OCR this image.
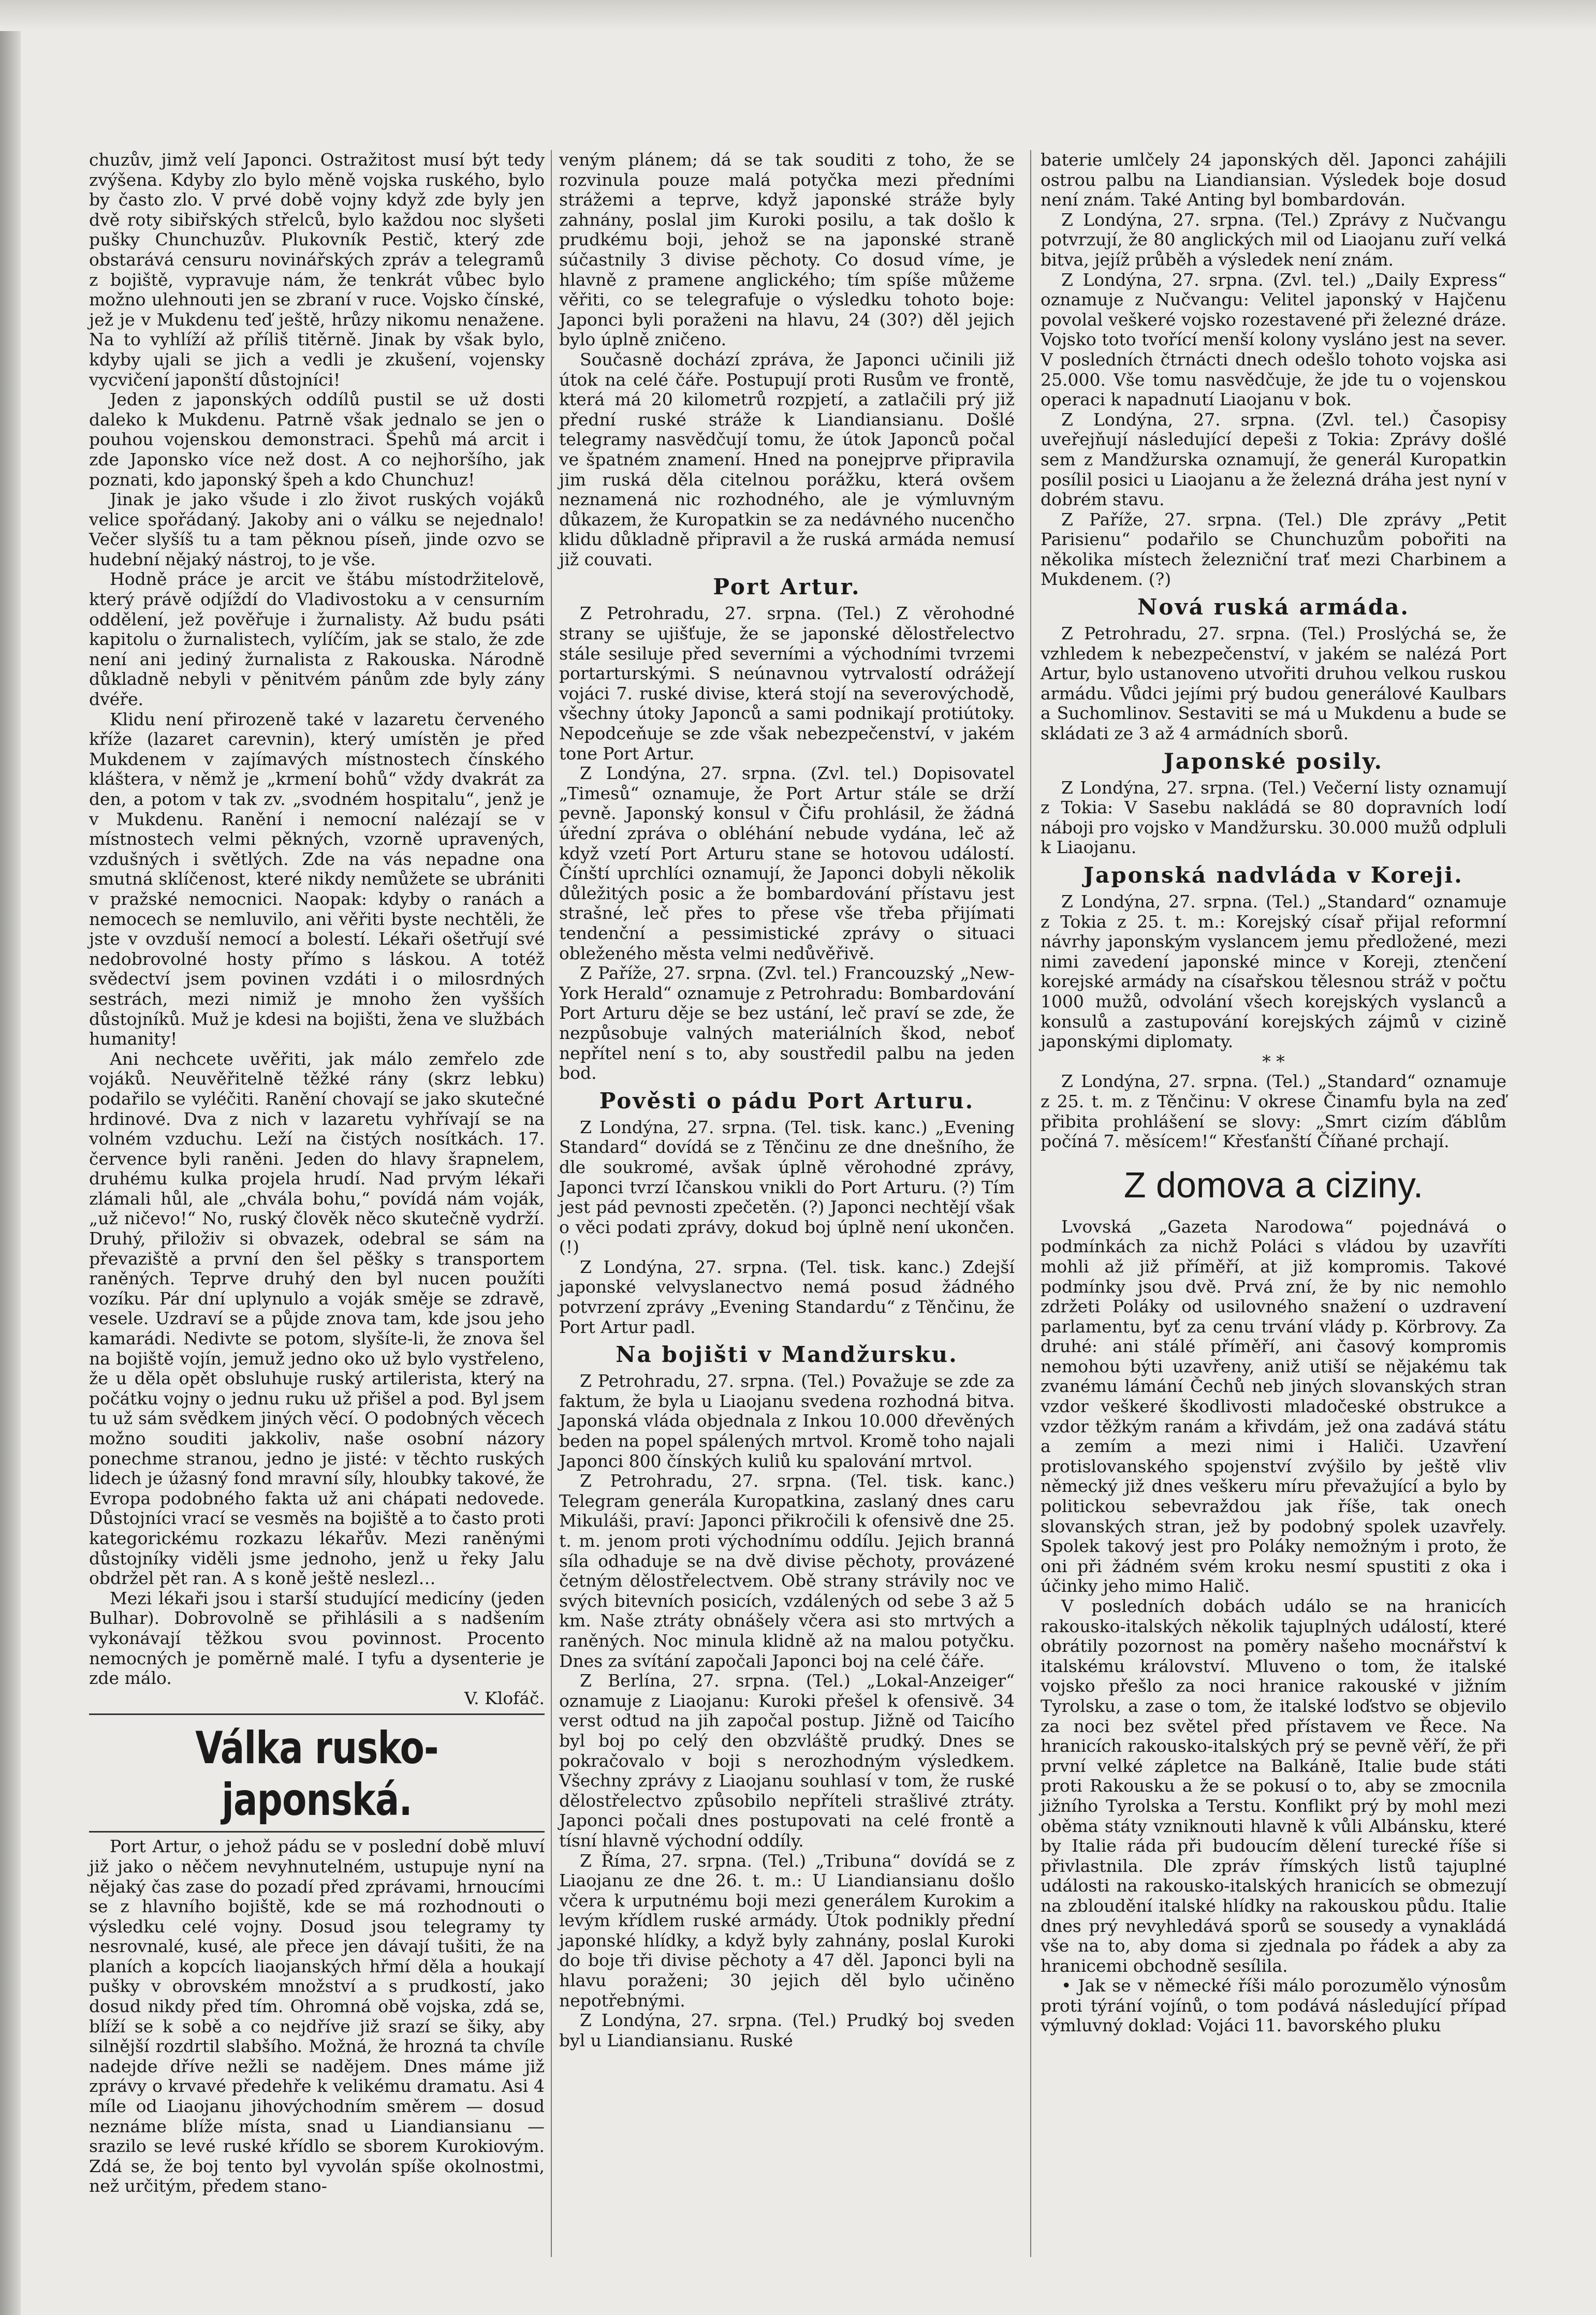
chuzův, jimž velí Japonci. Ostražitost musí být tedy zvýšena. Kdyby zlo bylo měně vojska ruského, bylo by často zlo. V prvé době vojny když zde byly jen dvě roty sibiřských střelců, bylo každou noc slyšeti pušky Chunchuzův. Plukovník Pestič, který zde obstarává censuru novinářských zpráv a telegramů z bojiště, vypravuje nám, že tenkrát vůbec bylo možno ulehnouti jen se zbraní v ruce. Vojsko čínské, jež je v Mukdenu teď ještě, hrůzy nikomu nenažene. Na to vyhlíží až příliš titěrně. Jinak by však bylo, kdyby ujali se jich a vedli je zkušení, vojensky vycvičení japonští důstojníci!

Jeden z japonských oddílů pustil se už dosti daleko k Mukdenu. Patrně však jednalo se jen o pouhou vojenskou demonstraci. Špehů má arcit i zde Japonsko více než dost. A co nejhoršího, jak poznati, kdo japonský špeh a kdo Chunchuz!

Jinak je jako všude i zlo život ruských vojáků velice spořádaný. Jakoby ani o válku se nejednalo! Večer slyšíš tu a tam pěknou píseň, jinde ozvo se hudební nějaký nástroj, to je vše.

Hodně práce je arcit ve štábu místodržitelově, který právě odjíždí do Vladivostoku a v censurním oddělení, jež pověřuje i žurnalisty. Až budu psáti kapitolu o žurnalistech, vylíčím, jak se stalo, že zde není ani jediný žurnalista z Rakouska. Národně důkladně nebyli v pěnitvém pánům zde byly zány dvéře.

Klidu není přirozeně také v lazaretu červeného kříže (lazaret carevnin), který umístěn je před Mukdenem v zajímavých místnostech čínského kláštera, v němž je „krmení bohů“ vždy dvakrát za den, a potom v tak zv. „svodném hospitalu“, jenž je v Mukdenu. Ranění i nemocní nalézají se v místnostech velmi pěkných, vzorně upravených, vzdušných i světlých. Zde na vás nepadne ona smutná sklíčenost, které nikdy nemůžete se ubrániti v pražské nemocnici. Naopak: kdyby o ranách a nemocech se nemluvilo, ani věřiti byste nechtěli, že jste v ovzduší nemocí a bolestí. Lékaři ošetřují své nedobrovolné hosty přímo s láskou. A totéž svědectví jsem povinen vzdáti i o milosrdných sestrách, mezi nimiž je mnoho žen vyšších důstojníků. Muž je kdesi na bojišti, žena ve službách humanity!

Ani nechcete uvěřiti, jak málo zemřelo zde vojáků. Neuvěřitelně těžké rány (skrz lebku) podařilo se vyléčiti. Ranění chovají se jako skutečné hrdinové. Dva z nich v lazaretu vyhřívají se na volném vzduchu. Leží na čistých nosítkách. 17. července byli raněni. Jeden do hlavy šrapnelem, druhému kulka projela hrudí. Nad prvým lékaři zlámali hůl, ale „chvála bohu,“ povídá nám voják, „už ničevo!“ No, ruský člověk něco skutečně vydrží. Druhý, přiloživ si obvazek, odebral se sám na převaziště a první den šel pěšky s transportem raněných. Teprve druhý den byl nucen použíti vozíku. Pár dní uplynulo a voják směje se zdravě, vesele. Uzdraví se a půjde znova tam, kde jsou jeho kamarádi. Nedivte se potom, slyšíte-li, že znova šel na bojiště vojín, jemuž jedno oko už bylo vystřeleno, že u děla opět obsluhuje ruský artilerista, který na počátku vojny o jednu ruku už přišel a pod. Byl jsem tu už sám svědkem jiných věcí. O podobných věcech možno souditi jakkoliv, naše osobní názory ponechme stranou, jedno je jisté: v těchto ruských lidech je úžasný fond mravní síly, hloubky takové, že Evropa podobného fakta už ani chápati nedovede. Důstojníci vrací se vesměs na bojiště a to často proti kategorickému rozkazu lékařův. Mezi raněnými důstojníky viděli jsme jednoho, jenž u řeky Jalu obdržel pět ran. A s koně ještě neslezl…

Mezi lékaři jsou i starší studující medicíny (jeden Bulhar). Dobrovolně se přihlásili a s nadšením vykonávají těžkou svou povinnost. Procento nemocných je poměrně malé. I tyfu a dysenterie je zde málo.

V. Klofáč.

Válka rusko-japonská.

Port Artur, o jehož pádu se v poslední době mluví již jako o něčem nevyhnutelném, ustupuje nyní na nějaký čas zase do pozadí před zprávami, hrnoucími se z hlavního bojiště, kde se má rozhodnouti o výsledku celé vojny. Dosud jsou telegramy ty nesrovnalé, kusé, ale přece jen dávají tušiti, že na planích a kopcích liaojanských hřmí děla a houkají pušky v obrovském množství a s prudkostí, jako dosud nikdy před tím. Ohromná obě vojska, zdá se, blíží se k sobě a co nejdříve již srazí se šiky, aby silnější rozdrtil slabšího. Možná, že hrozná ta chvíle nadejde dříve nežli se nadějem. Dnes máme již zprávy o krvavé předehře k velikému dramatu. Asi 4 míle od Liaojanu jihovýchodním směrem — dosud neznáme blíže místa, snad u Liandiansianu — srazilo se levé ruské křídlo se sborem Kurokiovým. Zdá se, že boj tento byl vyvolán spíše okolnostmi, než určitým, předem stano-

veným plánem; dá se tak souditi z toho, že se rozvinula pouze malá potyčka mezi předními strážemi a teprve, když japonské stráže byly zahnány, poslal jim Kuroki posilu, a tak došlo k prudkému boji, jehož se na japonské straně súčastnily 3 divise pěchoty. Co dosud víme, je hlavně z pramene anglického; tím spíše můžeme věřiti, co se telegrafuje o výsledku tohoto boje: Japonci byli poraženi na hlavu, 24 (30?) děl jejich bylo úplně zničeno.

Současně dochází zpráva, že Japonci učinili již útok na celé čáře. Postupují proti Rusům ve frontě, která má 20 kilometrů rozpjetí, a zatlačili prý již přední ruské stráže k Liandiansianu. Došlé telegramy nasvědčují tomu, že útok Japonců počal ve špatném znamení. Hned na ponejprve připravila jim ruská děla citelnou porážku, která ovšem neznamená nic rozhodného, ale je výmluvným důkazem, že Kuropatkin se za nedávného nucenčho klidu důkladně připravil a že ruská armáda nemusí již couvati.

Port Artur.

Z Petrohradu, 27. srpna. (Tel.) Z věrohodné strany se ujišťuje, že se japonské dělostřelectvo stále sesiluje před severními a východními tvrzemi portarturskými. S neúnavnou vytrvalostí odrážejí vojáci 7. ruské divise, která stojí na severovýchodě, všechny útoky Japonců a sami podnikají protiútoky. Nepodceňuje se zde však nebezpečenství, v jakém tone Port Artur.

Z Londýna, 27. srpna. (Zvl. tel.) Dopisovatel „Timesů“ oznamuje, že Port Artur stále se drží pevně. Japonský konsul v Čifu prohlásil, že žádná úřední zpráva o obléhání nebude vydána, leč až když vzetí Port Arturu stane se hotovou událostí. Čínští uprchlíci oznamují, že Japonci dobyli několik důležitých posic a že bombardování přístavu jest strašné, leč přes to přese vše třeba přijímati tendenční a pessimistické zprávy o situaci obleženého města velmi nedůvěřivě.

Z Paříže, 27. srpna. (Zvl. tel.) Francouzský „New-York Herald“ oznamuje z Petrohradu: Bombardování Port Arturu děje se bez ustání, leč praví se zde, že nezpůsobuje valných materiálních škod, neboť nepřítel není s to, aby soustředil palbu na jeden bod.

Pověsti o pádu Port Arturu.

Z Londýna, 27. srpna. (Tel. tisk. kanc.) „Evening Standard“ dovídá se z Těnčinu ze dne dnešního, že dle soukromé, avšak úplně věrohodné zprávy, Japonci tvrzí Ičanskou vnikli do Port Arturu. (?) Tím jest pád pevnosti zpečetěn. (?) Japonci nechtějí však o věci podati zprávy, dokud boj úplně není ukončen. (!)

Z Londýna, 27. srpna. (Tel. tisk. kanc.) Zdejší japonské velvyslanectvo nemá posud žádného potvrzení zprávy „Evening Standardu“ z Těnčinu, že Port Artur padl.

Na bojišti v Mandžursku.

Z Petrohradu, 27. srpna. (Tel.) Považuje se zde za faktum, že byla u Liaojanu svedena rozhodná bitva. Japonská vláda objednala z Inkou 10.000 dřevěných beden na popel spálených mrtvol. Kromě toho najali Japonci 800 čínských kuliů ku spalování mrtvol.

Z Petrohradu, 27. srpna. (Tel. tisk. kanc.) Telegram generála Kuropatkina, zaslaný dnes caru Mikuláši, praví: Japonci přikročili k ofensivě dne 25. t. m. jenom proti východnímu oddílu. Jejich branná síla odhaduje se na dvě divise pěchoty, provázené četným dělostřelectvem. Obě strany strávily noc ve svých bitevních posicích, vzdálených od sebe 3 až 5 km. Naše ztráty obnášely včera asi sto mrtvých a raněných. Noc minula klidně až na malou potyčku. Dnes za svítání započali Japonci boj na celé čáře.

Z Berlína, 27. srpna. (Tel.) „Lokal-Anzeiger“ oznamuje z Liaojanu: Kuroki přešel k ofensivě. 34 verst odtud na jih započal postup. Jižně od Taicího byl boj po celý den obzvláště prudký. Dnes se pokračovalo v boji s nerozhodným výsledkem. Všechny zprávy z Liaojanu souhlasí v tom, že ruské dělostřelectvo způsobilo nepříteli strašlivé ztráty. Japonci počali dnes postupovati na celé frontě a tísní hlavně východní oddíly.

Z Říma, 27. srpna. (Tel.) „Tribuna“ dovídá se z Liaojanu ze dne 26. t. m.: U Liandiansianu došlo včera k urputnému boji mezi generálem Kurokim a levým křídlem ruské armády. Útok podnikly přední japonské hlídky, a když byly zahnány, poslal Kuroki do boje tři divise pěchoty a 47 děl. Japonci byli na hlavu poraženi; 30 jejich děl bylo učiněno nepotřebnými.

Z Londýna, 27. srpna. (Tel.) Prudký boj sveden byl u Liandiansianu. Ruské

baterie umlčely 24 japonských děl. Japonci zahájili ostrou palbu na Liandiansian. Výsledek boje dosud není znám. Také Anting byl bombardován.

Z Londýna, 27. srpna. (Tel.) Zprávy z Nučvangu potvrzují, že 80 anglických mil od Liaojanu zuří velká bitva, jejíž průběh a výsledek není znám.

Z Londýna, 27. srpna. (Zvl. tel.) „Daily Express“ oznamuje z Nučvangu: Velitel japonský v Hajčenu povolal veškeré vojsko rozestavené při železné dráze. Vojsko toto tvořící menší kolony vysláno jest na sever. V posledních čtrnácti dnech odešlo tohoto vojska asi 25.000. Vše tomu nasvědčuje, že jde tu o vojenskou operaci k napadnutí Liaojanu v bok.

Z Londýna, 27. srpna. (Zvl. tel.) Časopisy uveřejňují následující depeši z Tokia: Zprávy došlé sem z Mandžurska oznamují, že generál Kuropatkin posílil posici u Liaojanu a že železná dráha jest nyní v dobrém stavu.

Z Paříže, 27. srpna. (Tel.) Dle zprávy „Petit Parisienu“ podařilo se Chunchuzům pobořiti na několika místech železniční trať mezi Charbinem a Mukdenem. (?)

Nová ruská armáda.

Z Petrohradu, 27. srpna. (Tel.) Proslýchá se, že vzhledem k nebezpečenství, v jakém se nalézá Port Artur, bylo ustanoveno utvořiti druhou velkou ruskou armádu. Vůdci jejími prý budou generálové Kaulbars a Suchomlinov. Sestaviti se má u Mukdenu a bude se skládati ze 3 až 4 armádních sborů.

Japonské posily.

Z Londýna, 27. srpna. (Tel.) Večerní listy oznamují z Tokia: V Sasebu nakládá se 80 dopravních lodí náboji pro vojsko v Mandžursku. 30.000 mužů odpluli k Liaojanu.

Japonská nadvláda v Koreji.

Z Londýna, 27. srpna. (Tel.) „Standard“ oznamuje z Tokia z 25. t. m.: Korejský císař přijal reformní návrhy japonským vyslancem jemu předložené, mezi nimi zavedení japonské mince v Koreji, ztenčení korejské armády na císařskou tělesnou stráž v počtu 1000 mužů, odvolání všech korejských vyslanců a konsulů a zastupování korejských zájmů v cizině japonskými diplomaty.

* *

Z Londýna, 27. srpna. (Tel.) „Standard“ oznamuje z 25. t. m. z Těnčinu: V okrese Činamfu byla na zeď přibita prohlášení se slovy: „Smrt cizím ďáblům počíná 7. měsícem!“ Křesťanští Číňané prchají.

Z domova a ciziny.

Lvovská „Gazeta Narodowa“ pojednává o podmínkách za nichž Poláci s vládou by uzavříti mohli až již příměří, at již kompromis. Takové podmínky jsou dvě. Prvá zní, že by nic nemohlo zdržeti Poláky od usilovného snažení o uzdravení parlamentu, byť za cenu trvání vlády p. Körbrovy. Za druhé: ani stálé příměří, ani časový kompromis nemohou býti uzavřeny, aniž utiší se nějakému tak zvanému lámání Čechů neb jiných slovanských stran vzdor veškeré škodlivosti mladočeské obstrukce a vzdor těžkým ranám a křivdám, jež ona zadává státu a zemím a mezi nimi i Haliči. Uzavření protislovanského spojenství zvýšilo by ještě vliv německý již dnes veškeru míru převažující a bylo by politickou sebevraždou jak říše, tak onech slovanských stran, jež by podobný spolek uzavřely. Spolek takový jest pro Poláky nemožným i proto, že oni při žádném svém kroku nesmí spustiti z oka i účinky jeho mimo Halič.

V posledních dobách událo se na hranicích rakousko-italských několik tajuplných událostí, které obrátily pozornost na poměry našeho mocnářství k italskému království. Mluveno o tom, že italské vojsko přešlo za noci hranice rakouské v jižním Tyrolsku, a zase o tom, že italské loďstvo se objevilo za noci bez světel před přístavem ve Řece. Na hranicích rakousko-italských prý se pevně věří, že při první velké zápletce na Balkáně, Italie bude státi proti Rakousku a že se pokusí o to, aby se zmocnila jižního Tyrolska a Terstu. Konflikt prý by mohl mezi oběma státy vzniknouti hlavně k vůli Albánsku, které by Italie ráda při budoucím dělení turecké říše si přivlastnila. Dle zpráv římských listů tajuplné události na rakousko-italských hranicích se obmezují na zbloudění italské hlídky na rakouskou půdu. Italie dnes prý nevyhledává sporů se sousedy a vynakládá vše na to, aby doma si zjednala po řádek a aby za hranicemi obchodně sesílila.

• Jak se v německé říši málo porozumělo výnosům proti týrání vojínů, o tom podává následující případ výmluvný doklad: Vojáci 11. bavorského pluku
